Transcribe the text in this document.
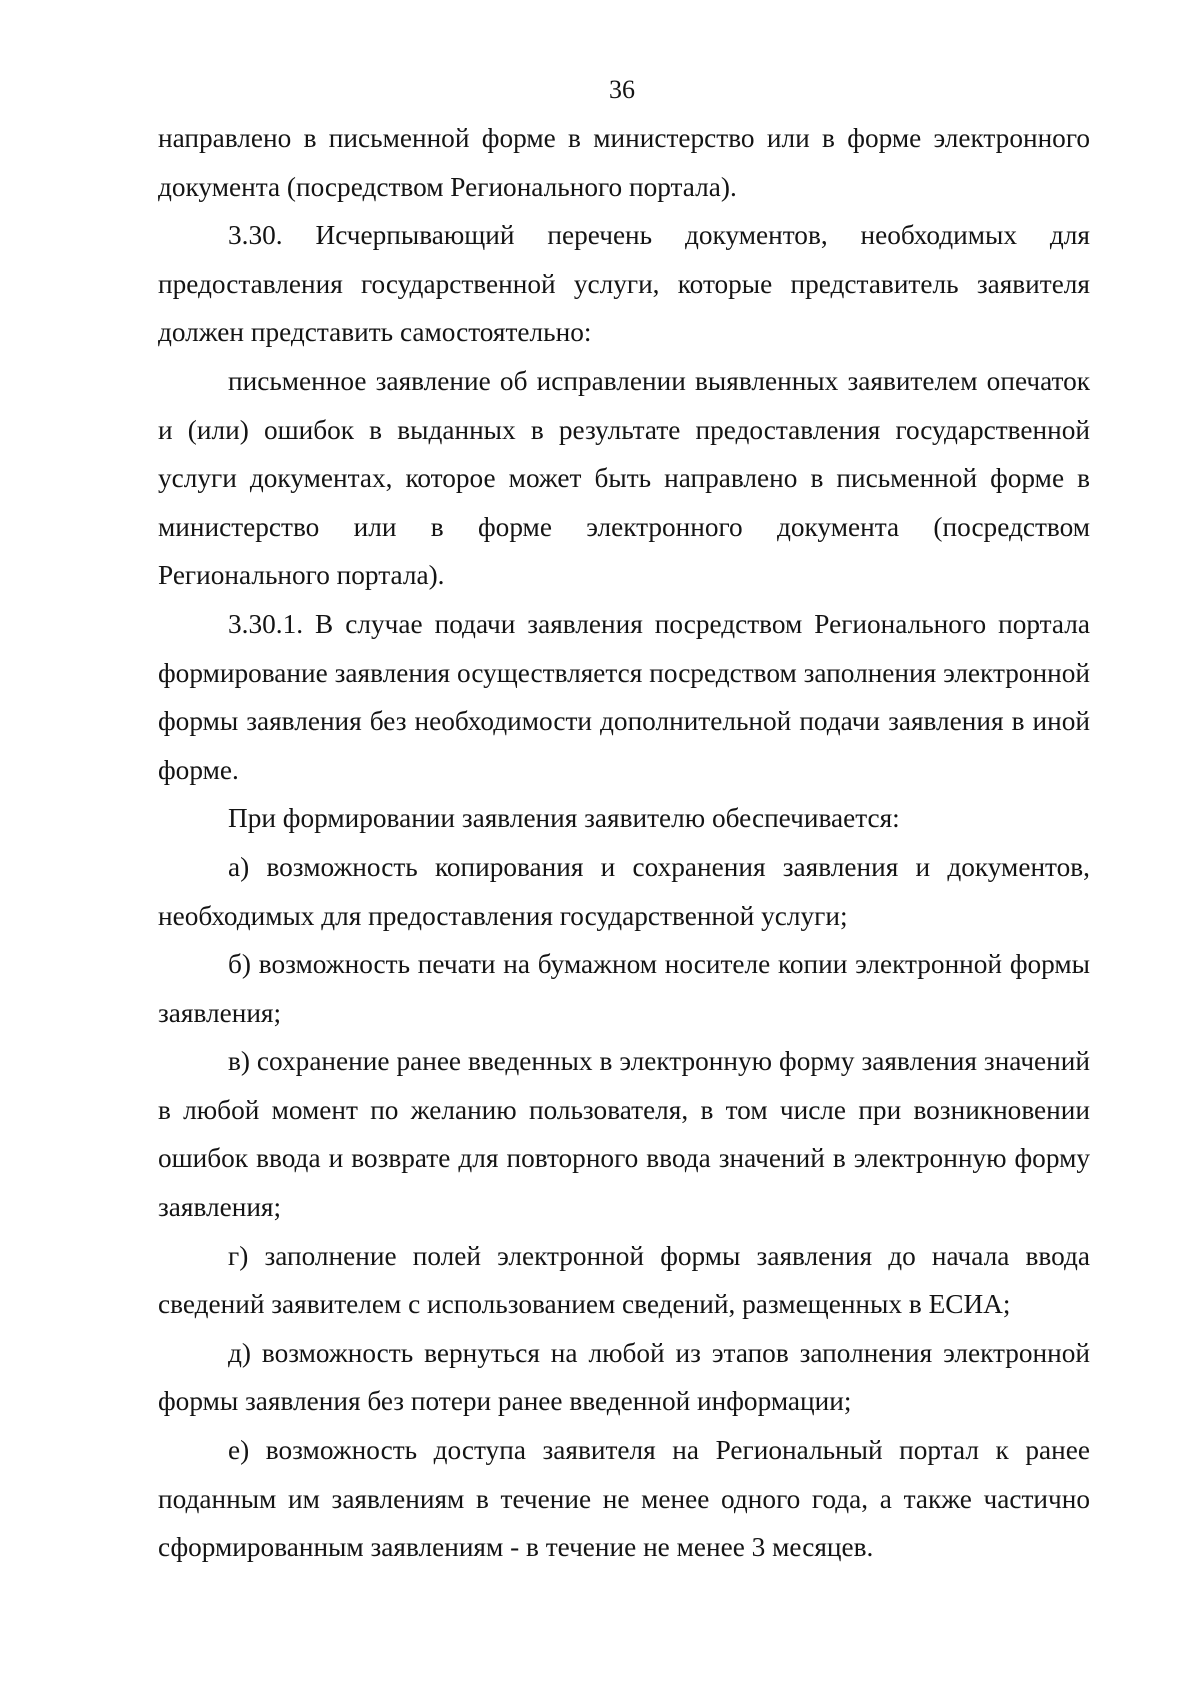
36

направлено в письменной форме в министерство или в форме электронного документа (посредством Регионального портала).

3.30. Исчерпывающий перечень документов, необходимых для предоставления государственной услуги, которые представитель заявителя должен представить самостоятельно:

письменное заявление об исправлении выявленных заявителем опечаток и (или) ошибок в выданных в результате предоставления государственной услуги документах, которое может быть направлено в письменной форме в министерство или в форме электронного документа (посредством Регионального портала).

3.30.1. В случае подачи заявления посредством Регионального портала формирование заявления осуществляется посредством заполнения электронной формы заявления без необходимости дополнительной подачи заявления в иной форме.

При формировании заявления заявителю обеспечивается:

а) возможность копирования и сохранения заявления и документов, необходимых для предоставления государственной услуги;

б) возможность печати на бумажном носителе копии электронной формы заявления;

в) сохранение ранее введенных в электронную форму заявления значений в любой момент по желанию пользователя, в том числе при возникновении ошибок ввода и возврате для повторного ввода значений в электронную форму заявления;

г) заполнение полей электронной формы заявления до начала ввода сведений заявителем с использованием сведений, размещенных в ЕСИА;

д) возможность вернуться на любой из этапов заполнения электронной формы заявления без потери ранее введенной информации;

е) возможность доступа заявителя на Региональный портал к ранее поданным им заявлениям в течение не менее одного года, а также частично сформированным заявлениям - в течение не менее 3 месяцев.
